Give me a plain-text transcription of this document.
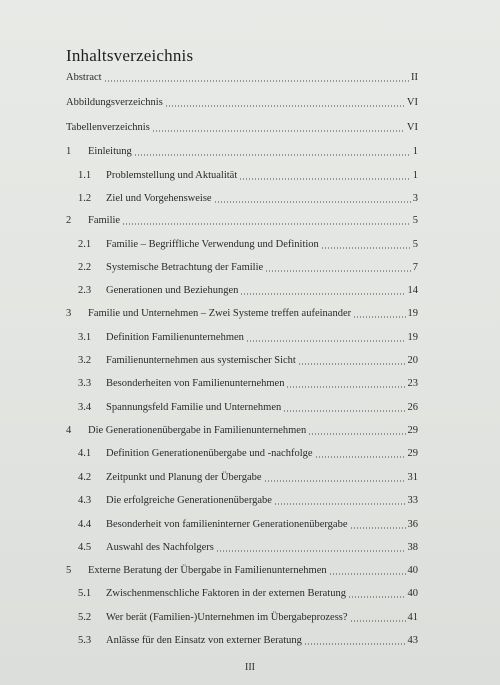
Inhaltsverzeichnis
Abstract	II
Abbildungsverzeichnis	VI
Tabellenverzeichnis	VI
1	Einleitung	1
1.1	Problemstellung und Aktualität	1
1.2	Ziel und Vorgehensweise	3
2	Familie	5
2.1	Familie – Begriffliche Verwendung und Definition	5
2.2	Systemische Betrachtung der Familie	7
2.3	Generationen und Beziehungen	14
3	Familie und Unternehmen – Zwei Systeme treffen aufeinander	19
3.1	Definition Familienunternehmen	19
3.2	Familienunternehmen aus systemischer Sicht	20
3.3	Besonderheiten von Familienunternehmen	23
3.4	Spannungsfeld Familie und Unternehmen	26
4	Die Generationenübergabe in Familienunternehmen	29
4.1	Definition Generationenübergabe und -nachfolge	29
4.2	Zeitpunkt und Planung der Übergabe	31
4.3	Die erfolgreiche Generationenübergabe	33
4.4	Besonderheit von familieninterner Generationenübergabe	36
4.5	Auswahl des Nachfolgers	38
5	Externe Beratung der Übergabe in Familienunternehmen	40
5.1	Zwischenmenschliche Faktoren in der externen Beratung	40
5.2	Wer berät (Familien-)Unternehmen im Übergabeprozess?	41
5.3	Anlässe für den Einsatz von externer Beratung	43
III
